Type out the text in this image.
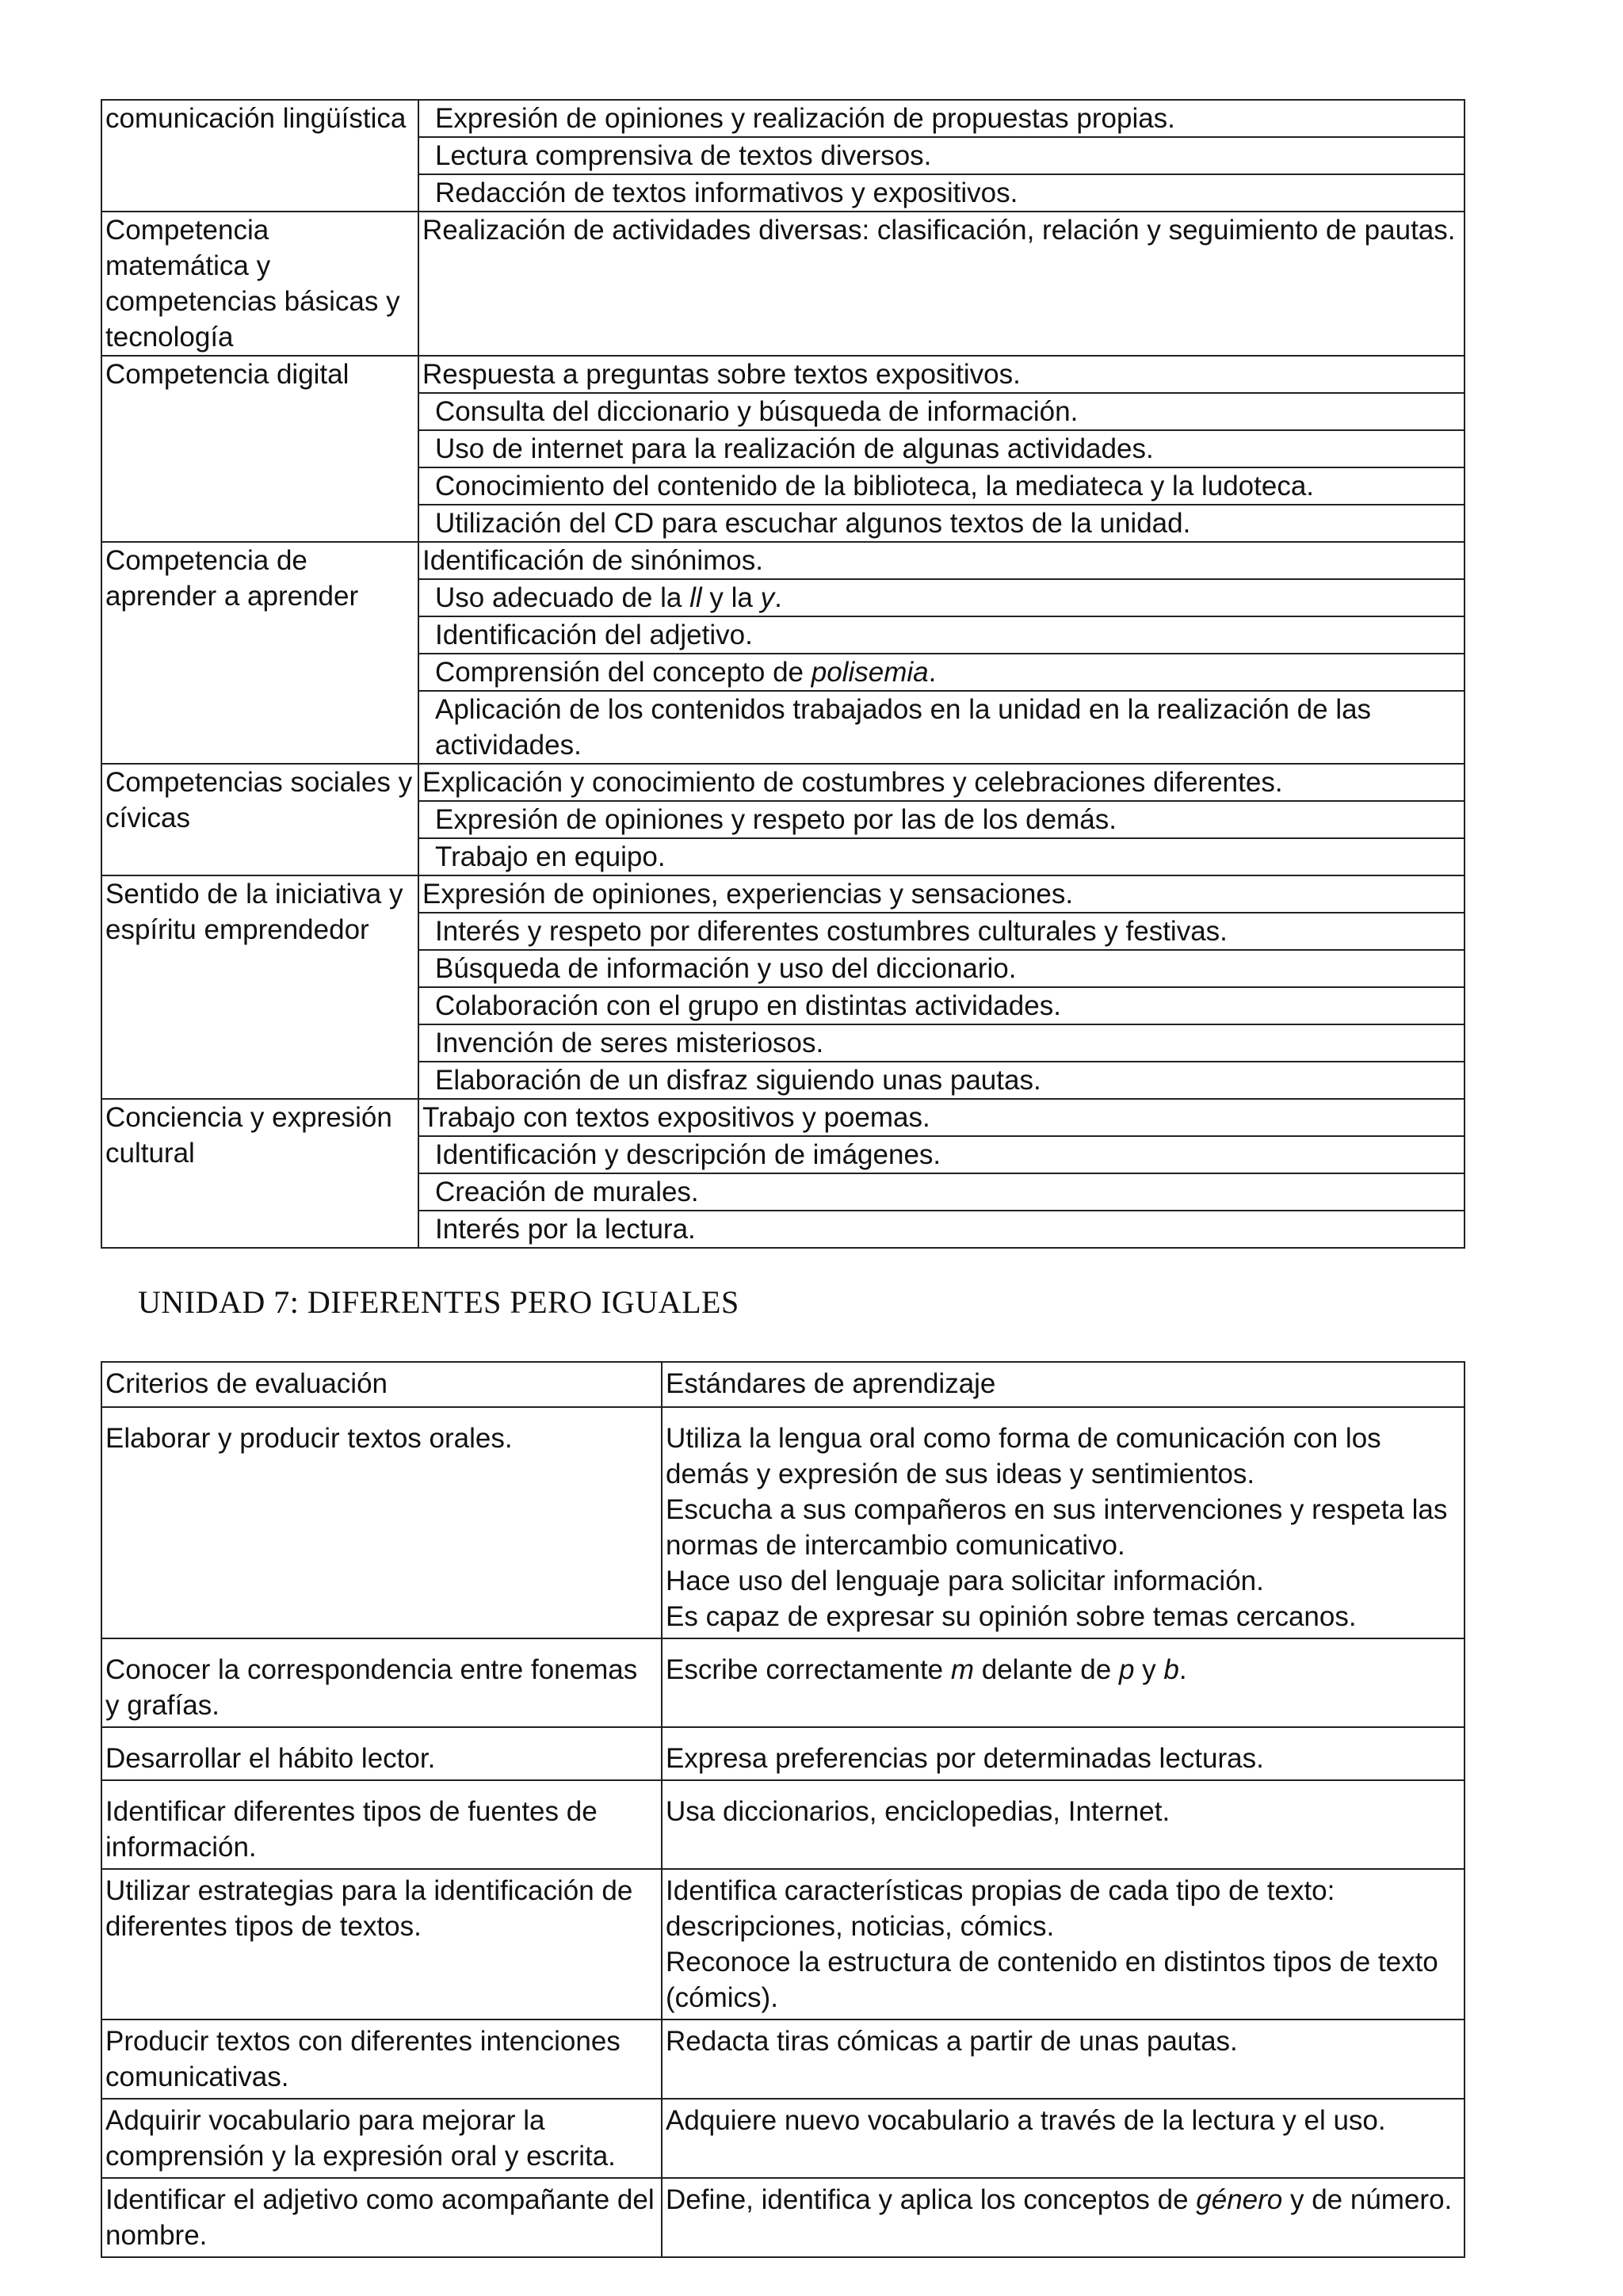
comunicación lingüística	Expresión de opiniones y realización de propuestas propias.
	Lectura comprensiva de textos diversos.
	Redacción de textos informativos y expositivos.
Competencia matemática y competencias básicas y tecnología	Realización de actividades diversas: clasificación, relación y seguimiento de pautas.
Competencia digital	Respuesta a preguntas sobre textos expositivos.
	Consulta del diccionario y búsqueda de información.
	Uso de internet para la realización de algunas actividades.
	Conocimiento del contenido de la biblioteca, la mediateca y la ludoteca.
	Utilización del CD para escuchar algunos textos de la unidad.
Competencia de aprender a aprender	Identificación de sinónimos.
	Uso adecuado de la ll y la y.
	Identificación del adjetivo.
	Comprensión del concepto de polisemia.
	Aplicación de los contenidos trabajados en la unidad en la realización de las actividades.
Competencias sociales y cívicas	Explicación y conocimiento de costumbres y celebraciones diferentes.
	Expresión de opiniones y respeto por las de los demás.
	Trabajo en equipo.
Sentido de la iniciativa y espíritu emprendedor	Expresión de opiniones, experiencias y sensaciones.
	Interés y respeto por diferentes costumbres culturales y festivas.
	Búsqueda de información y uso del diccionario.
	Colaboración con el grupo en distintas actividades.
	Invención de seres misteriosos.
	Elaboración de un disfraz siguiendo unas pautas.
Conciencia y expresión cultural	Trabajo con textos expositivos y poemas.
	Identificación y descripción de imágenes.
	Creación de murales.
	Interés por la lectura.
UNIDAD 7: DIFERENTES PERO IGUALES
Criterios de evaluación	Estándares de aprendizaje
Elaborar y producir textos orales.	Utiliza la lengua oral como forma de comunicación con los demás y expresión de sus ideas y sentimientos.
Escucha a sus compañeros en sus intervenciones y respeta las normas de intercambio comunicativo.
Hace uso del lenguaje para solicitar información.
Es capaz de expresar su opinión sobre temas cercanos.

Conocer la correspondencia entre fonemas y grafías.	Escribe correctamente m delante de p y b.
Desarrollar el hábito lector.	Expresa preferencias por determinadas lecturas.

Identificar diferentes tipos de fuentes de información.	Usa diccionarios, enciclopedias, Internet.

Utilizar estrategias para la identificación de diferentes tipos de textos.	Identifica características propias de cada tipo de texto: descripciones, noticias, cómics.
Reconoce la estructura de contenido en distintos tipos de texto (cómics).

Producir textos con diferentes intenciones comunicativas.	Redacta tiras cómicas a partir de unas pautas.

Adquirir vocabulario para mejorar la comprensión y la expresión oral y escrita.	Adquiere nuevo vocabulario a través de la lectura y el uso.

Identificar el adjetivo como acompañante del nombre.	Define, identifica y aplica los conceptos de género y de número.
